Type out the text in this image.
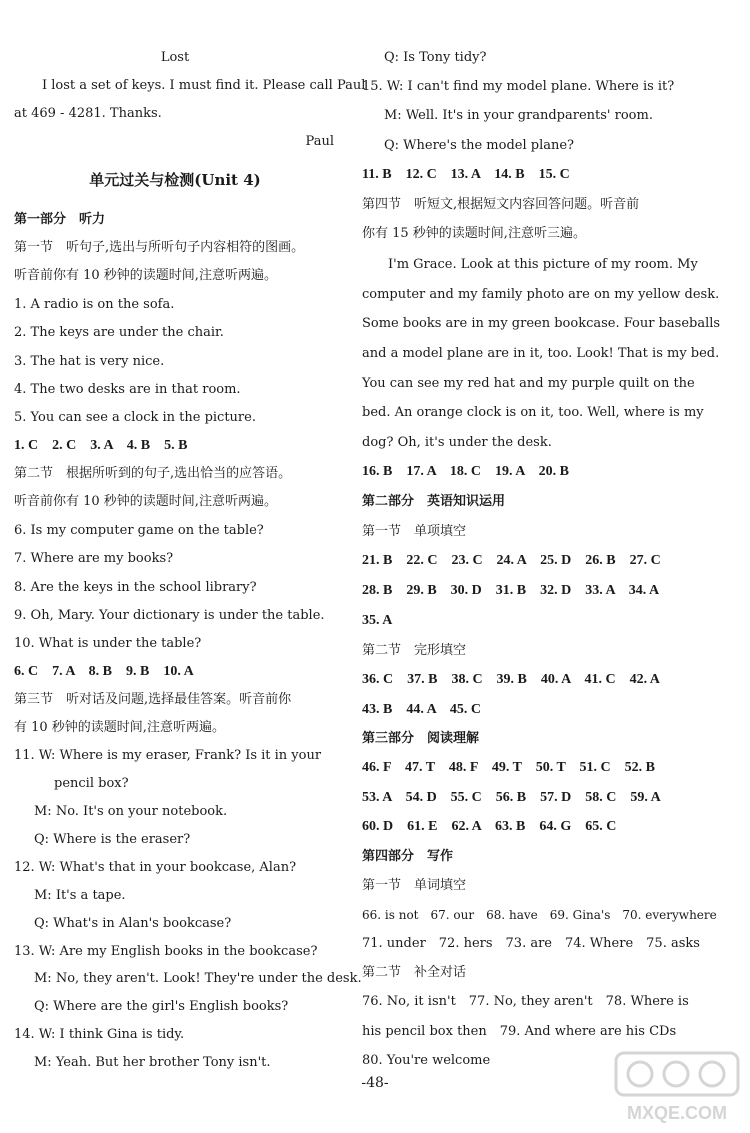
Lost
I lost a set of keys. I must find it. Please call Paul
at 469 - 4281. Thanks.
Paul
单元过关与检测(Unit 4)
第一部分　听力
第一节　听句子,选出与所听句子内容相符的图画。
听音前你有 10 秒钟的读题时间,注意听两遍。
1. A radio is on the sofa.
2. The keys are under the chair.
3. The hat is very nice.
4. The two desks are in that room.
5. You can see a clock in the picture.
1. C　2. C　3. A　4. B　5. B
第二节　根据所听到的句子,选出恰当的应答语。
听音前你有 10 秒钟的读题时间,注意听两遍。
6. Is my computer game on the table?
7. Where are my books?
8. Are the keys in the school library?
9. Oh, Mary. Your dictionary is under the table.
10. What is under the table?
6. C　7. A　8. B　9. B　10. A
第三节　听对话及问题,选择最佳答案。听音前你
有 10 秒钟的读题时间,注意听两遍。
11. W: Where is my eraser, Frank? Is it in your
pencil box?
M: No. It's on your notebook.
Q: Where is the eraser?
12. W: What's that in your bookcase, Alan?
M: It's a tape.
Q: What's in Alan's bookcase?
13. W: Are my English books in the bookcase?
M: No, they aren't. Look! They're under the desk.
Q: Where are the girl's English books?
14. W: I think Gina is tidy.
M: Yeah. But her brother Tony isn't.
Q: Is Tony tidy?
15. W: I can't find my model plane. Where is it?
M: Well. It's in your grandparents' room.
Q: Where's the model plane?
11. B　12. C　13. A　14. B　15. C
第四节　听短文,根据短文内容回答问题。听音前
你有 15 秒钟的读题时间,注意听三遍。
I'm Grace. Look at this picture of my room. My
computer and my family photo are on my yellow desk.
Some books are in my green bookcase. Four baseballs
and a model plane are in it, too. Look! That is my bed.
You can see my red hat and my purple quilt on the
bed. An orange clock is on it, too. Well, where is my
dog? Oh, it's under the desk.
16. B　17. A　18. C　19. A　20. B
第二部分　英语知识运用
第一节　单项填空
21. B　22. C　23. C　24. A　25. D　26. B　27. C
28. B　29. B　30. D　31. B　32. D　33. A　34. A
35. A
第二节　完形填空
36. C　37. B　38. C　39. B　40. A　41. C　42. A
43. B　44. A　45. C
第三部分　阅读理解
46. F　47. T　48. F　49. T　50. T　51. C　52. B
53. A　54. D　55. C　56. B　57. D　58. C　59. A
60. D　61. E　62. A　63. B　64. G　65. C
第四部分　写作
第一节　单词填空
66. is not　67. our　68. have　69. Gina's　70. everywhere
71. under　72. hers　73. are　74. Where　75. asks
第二节　补全对话
76. No, it isn't　77. No, they aren't　78. Where is
his pencil box then　79. And where are his CDs
80. You're welcome
-48-
MXQE.COM
